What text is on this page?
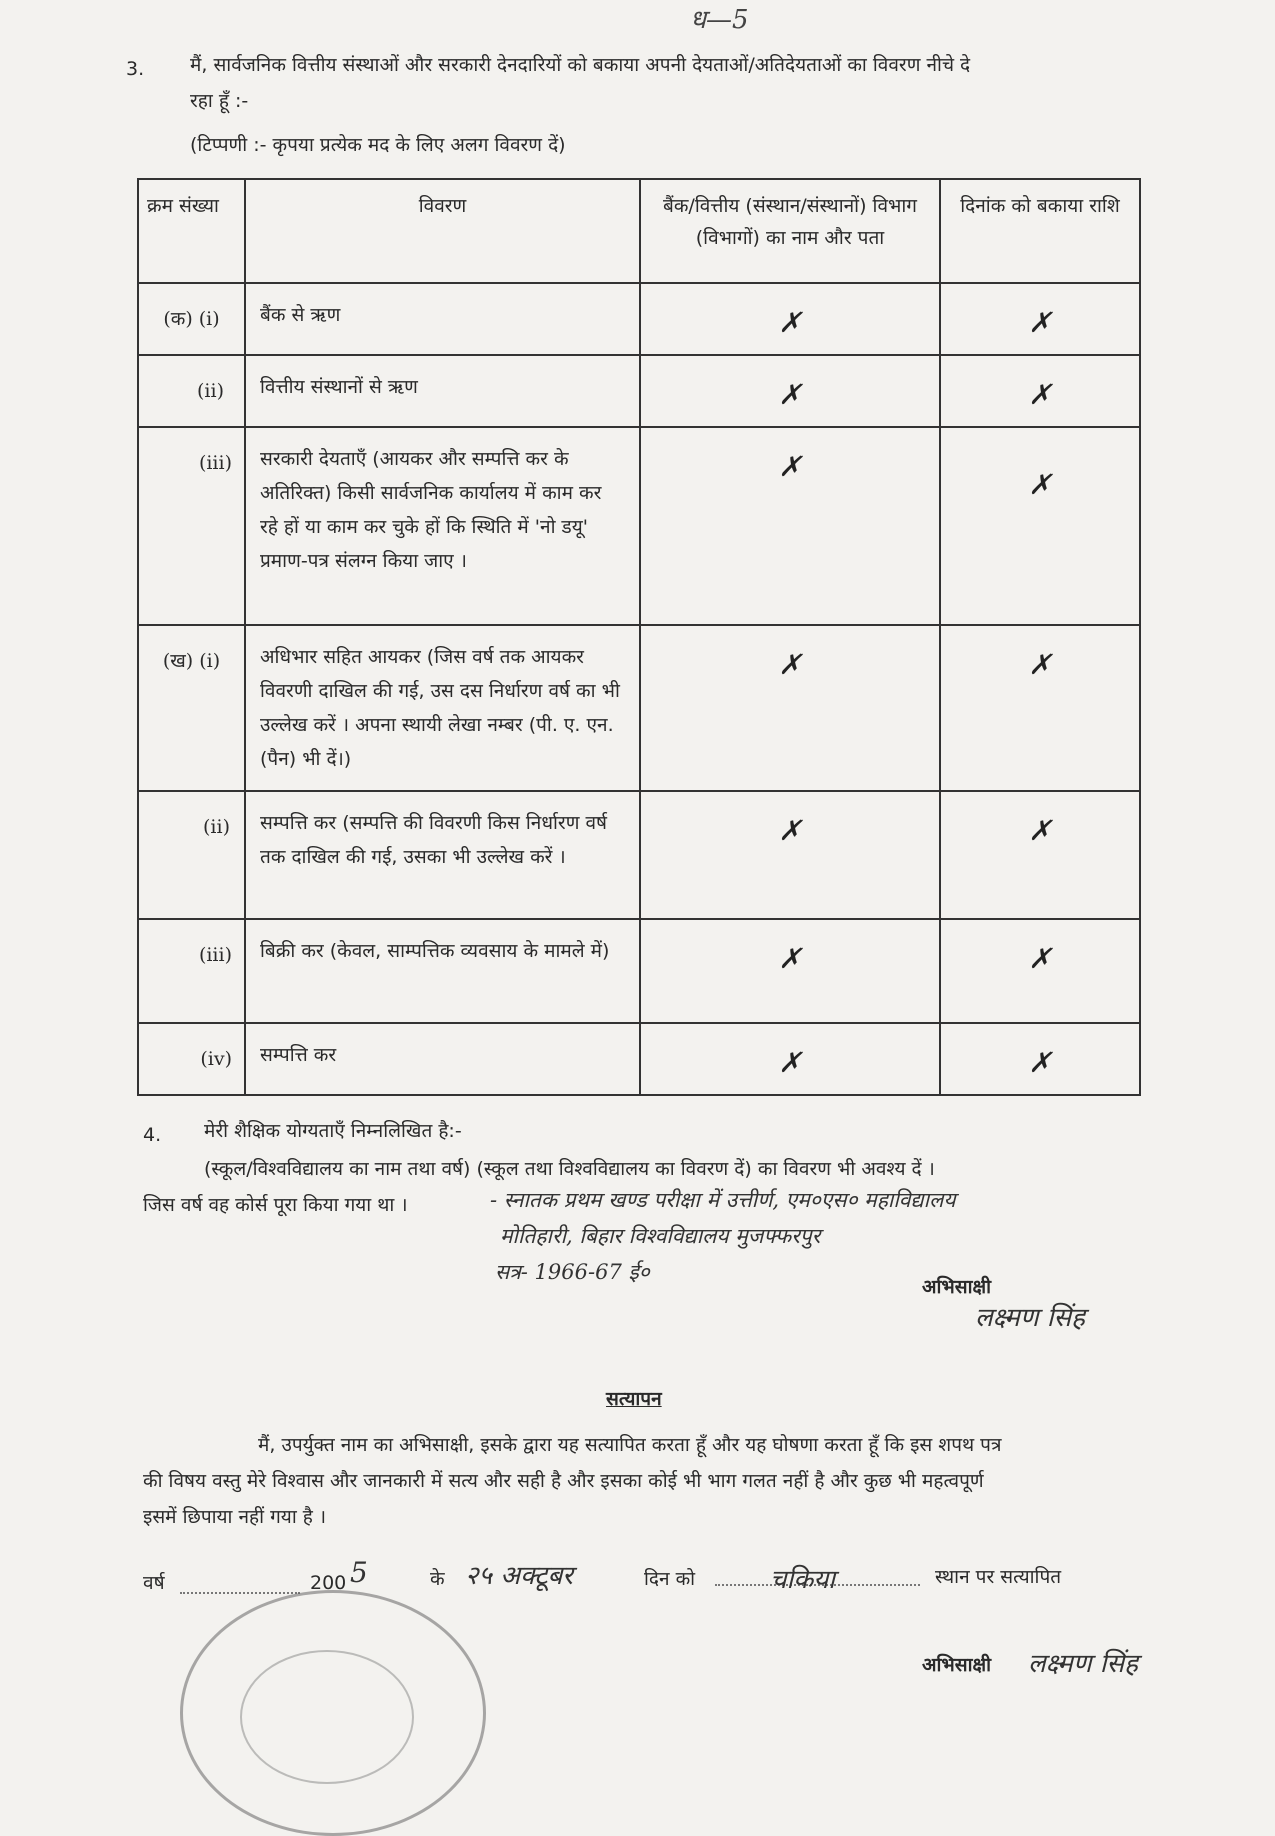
ध—5
3. मैं, सार्वजनिक वित्तीय संस्थाओं और सरकारी देनदारियों को बकाया अपनी देयताओं/अतिदेयताओं का विवरण नीचे दे
रहा हूँ :-
(टिप्पणी :- कृपया प्रत्येक मद के लिए अलग विवरण दें)
क्रम संख्या	विवरण	बैंक/वित्तीय (संस्थान/संस्थानों) विभाग (विभागों) का नाम और पता	दिनांक को बकाया राशि
(क) (i)	बैंक से ऋण	✗	✗
(ii)	वित्तीय संस्थानों से ऋण	✗	✗
(iii)	सरकारी देयताएँ (आयकर और सम्पत्ति कर के अतिरिक्त) किसी सार्वजनिक कार्यालय में काम कर रहे हों या काम कर चुके हों कि स्थिति में 'नो डयू' प्रमाण-पत्र संलग्न किया जाए ।	✗	✗
(ख) (i)	अधिभार सहित आयकर (जिस वर्ष तक आयकर विवरणी दाखिल की गई, उस दस निर्धारण वर्ष का भी उल्लेख करें । अपना स्थायी लेखा नम्बर (पी. ए. एन. (पैन) भी दें।)	✗	✗
(ii)	सम्पत्ति कर (सम्पत्ति की विवरणी किस निर्धारण वर्ष तक दाखिल की गई, उसका भी उल्लेख करें ।	✗	✗
(iii)	बिक्री कर (केवल, साम्पत्तिक व्यवसाय के मामले में)	✗	✗
(iv)	सम्पत्ति कर	✗	✗
4. मेरी शैक्षिक योग्यताएँ निम्नलिखित है:-
(स्कूल/विश्वविद्यालय का नाम तथा वर्ष) (स्कूल तथा विश्वविद्यालय का विवरण दें) का विवरण भी अवश्य दें ।
जिस वर्ष वह कोर्स पूरा किया गया था ।	- स्नातक प्रथम खण्ड परीक्षा में उत्तीर्ण, एम०एस० महाविद्यालय
मोतिहारी, बिहार विश्वविद्यालय मुजफ्फरपुर
सत्र- 1966-67 ई०
अभिसाक्षी
लक्ष्मण सिंह
सत्यापन
मैं, उपर्युक्त नाम का अभिसाक्षी, इसके द्वारा यह सत्यापित करता हूँ और यह घोषणा करता हूँ कि इस शपथ पत्र
की विषय वस्तु मेरे विश्वास और जानकारी में सत्य और सही है और इसका कोई भी भाग गलत नहीं है और कुछ भी महत्वपूर्ण
इसमें छिपाया नहीं गया है ।
वर्ष	200 5	के २५ अक्टूबर	दिन को	चकिया	स्थान पर सत्यापित
अभिसाक्षी लक्ष्मण सिंह
